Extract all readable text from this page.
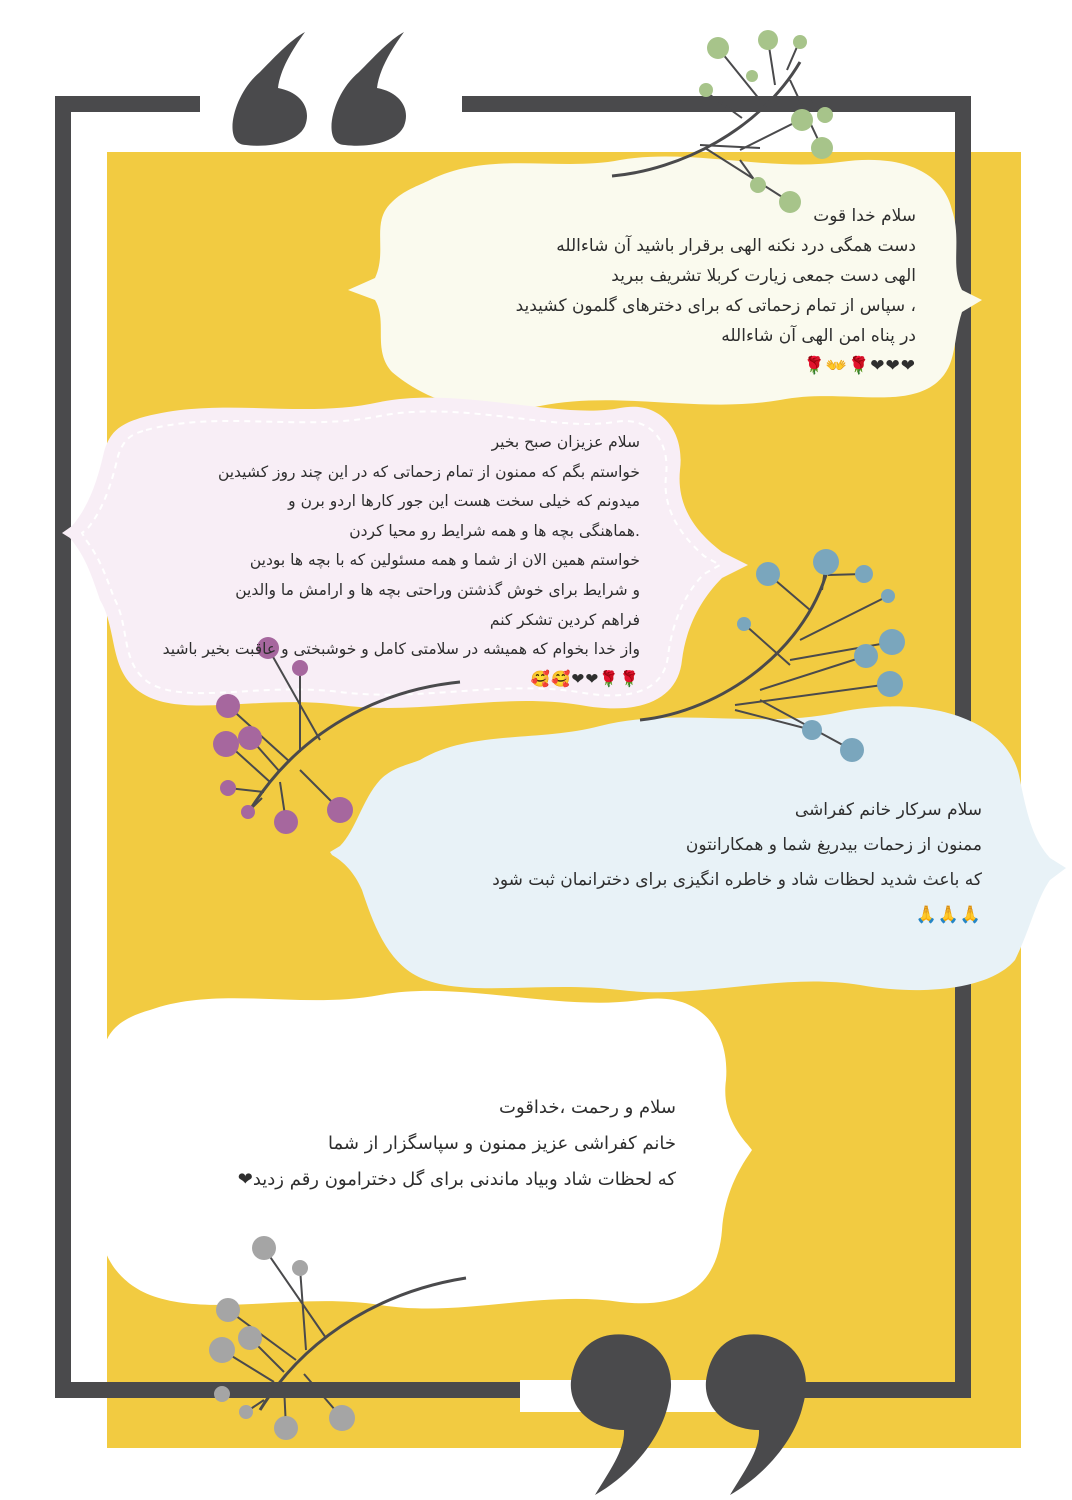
سلام خدا قوت
دست همگی درد نکنه الهی برقرار باشید آن شاءالله
الهی دست جمعی زیارت کربلا تشریف ببرید
، سپاس از تمام زحماتی که برای دخترهای گلمون کشیدید
در پناه امن الهی آن شاءالله
❤❤❤🌹👐🌹
سلام عزیزان صبح بخیر
خواستم بگم که ممنون از تمام زحماتی که در این چند روز کشیدین
میدونم که خیلی سخت هست این جور کارها اردو برن و
.هماهنگی بچه ها و همه شرایط رو محیا کردن
خواستم همین الان از شما و همه مسئولین که با بچه ها بودین
و شرایط برای خوش گذشتن وراحتی بچه ها و ارامش ما والدین
فراهم کردین تشکر کنم
واز خدا بخوام که همیشه در سلامتی کامل و خوشبختی و عاقبت بخیر باشید
🌹🌹❤❤🥰🥰
سلام سرکار خانم کفراشی
ممنون از زحمات بیدریغ شما و همکارانتون
که باعث شدید لحظات شاد و خاطره انگیزی برای دخترانمان ثبت شود
🙏🙏🙏
سلام و رحمت ،خداقوت
خانم کفراشی عزیز ممنون و سپاسگزار از شما
که لحظات شاد وبیاد ماندنی برای گل دخترامون رقم زدید❤
